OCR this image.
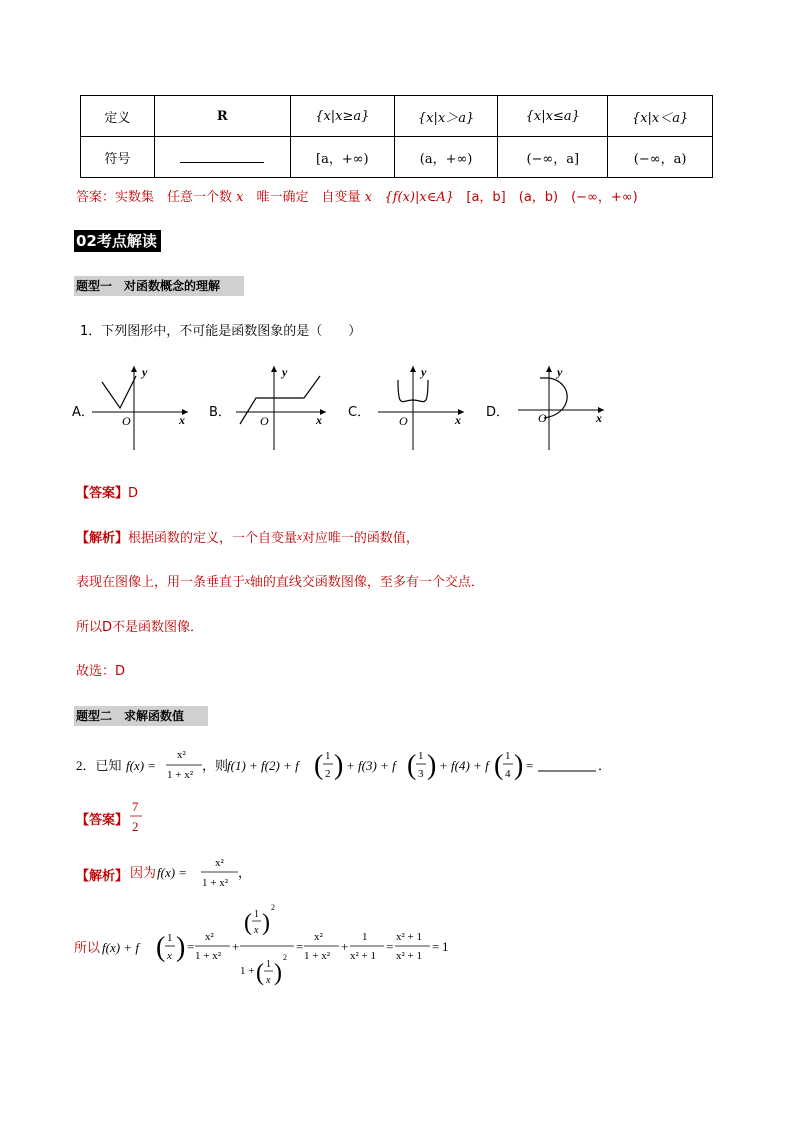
定义	R	{x|x≥a}	{x|x＞a}	{x|x≤a}	{x|x＜a}
符号		[a，+∞)	(a，+∞)	(−∞，a]	(−∞，a)
答案：实数集　任意一个数 x　唯一确定　自变量 x {f(x)|x∈A} [a，b]　(a，b)　(−∞，+∞)
02考点解读
题型一　对函数概念的理解
1．下列图形中，不可能是函数图象的是（　　）
A．
y
x
O
B．
y
x
O
C．
y
x
O
D．
y
x
O
【答案】D
【解析】根据函数的定义，一个自变量x对应唯一的函数值，
表现在图像上，用一条垂直于x轴的直线交函数图像，至多有一个交点．
所以D不是函数图像．
故选：D
题型二　求解函数值
2．已知 f(x) =
x²
1 + x²
，则
f(1) + f(2) + f ( 1
2 ) + f(3) + f ( 1
3 ) + f(4) + f ( 1
4 ) =	．
【答案】
7
2
【解析】 因为 f(x) =
x²
1 + x²
，
所以 f(x) + f ( 1
x ) =
x²
1 + x²
+
( 1
x )
2
1 + ( 1
x )
2
=
x²
1 + x²
+
1
x² + 1
=
x² + 1
x² + 1
= 1
